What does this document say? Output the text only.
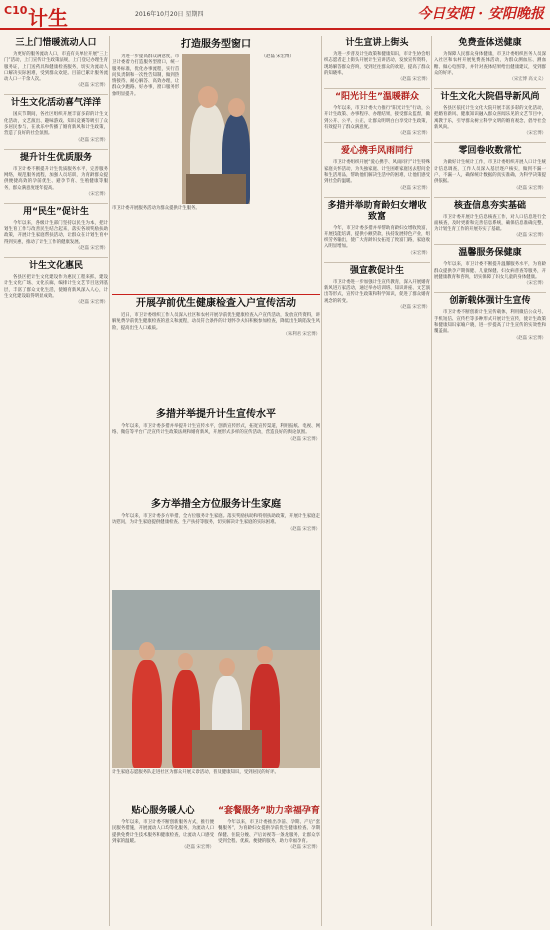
C10 计生	2016年10月20日 星期四	今日安阳 · 安阳晚报
三上门惜暖流动人口

为更好的服务流动人口，市直有关单位开展“三上门”活动，上门宣传计生政策法规，上门登记办理生育服务证，上门送药具和健康检查服务，切实为流动人口解决实际困难，受到群众欢迎。目前已累计服务流动人口一千余人次。

（赵磊 宋宏博）
计生文化活动喜气洋洋

国庆节期间，各社区组织开展丰富多彩的计生文化活动，文艺演出、趣味游戏、知识竞赛等吸引了众多居民参与，在欢乐中传播了婚育新风和计生政策，营造了良好的社会氛围。

（赵磊 宋宏博）
提升计生优质服务

市卫计委不断提升计生优质服务水平，完善服务网络，规范服务流程，加强人员培训，为育龄群众提供便捷高效的孕前优生、避孕节育、生殖健康等服务，群众满意度逐年提高。

（宋宏博）
用“民生”促计生

今年以来，各级计生部门坚持以民生为本，把计划生育工作与改善民生结合起来，落实各项奖励扶助政策，开展计生家庭帮扶活动，让群众在计划生育中得到实惠，推动了计生工作的健康发展。

（赵磊 宋宏博）
计生文化惠民

各县区把计生文化建设作为惠民工程来抓，建设计生文化广场、文化长廊，编排计生文艺节目送到基层，丰富了群众文化生活，使婚育新风深入人心，计生文化建设取得明显成效。

（赵磊 宋宏博）
打造服务型窗口

为进一步提高群众满意度，市卫计委着力打造服务型窗口，统一服务标准，优化办事流程，实行首问负责制和一次性告知制，做到热情接待、耐心解答、高效办理，让群众少跑路、好办事，窗口服务形象明显提升。

（赵磊 宋宏博）

市卫计委开展服务活动为群众提供计生服务。
开展孕前优生健康检查入户宣传活动

近日，市卫计委组织工作人员深入社区和农村开展孕前优生健康检查入户宣传活动，发放宣传资料，讲解免费孕前优生健康检查的意义和流程，动员符合条件的计划怀孕夫妇积极参加检查，降低出生缺陷发生风险，提高出生人口素质。

（朱利君 宋宏博）
多措并举提升计生宣传水平

今年以来，市卫计委多措并举提升计生宣传水平，创新宣传形式，拓宽宣传渠道，利用报纸、电视、网络、微信等平台广泛宣传计生政策法规和婚育新风，开展形式多样的宣传活动，营造良好的舆论氛围。

（赵磊 宋宏博）
多方举措全方位服务计生家庭

今年以来，市卫计委多方举措，全方位服务计生家庭。落实奖励扶助和特别扶助政策，开展计生家庭走访慰问，为计生家庭提供健康检查、生产扶持等服务，切实解决计生家庭的实际困难。

（赵磊 宋宏博）
计生家庭志愿服务队走进社区为群众开展义诊活动，普及健康知识，受到居民的好评。
贴心服务暖人心

今年以来，市卫计委不断创新服务方式，推行便民服务措施，开展流动人口均等化服务，为流动人口提供免费计生技术服务和健康检查，让流动人口感受到家的温暖。

（赵磊 宋宏博）
“套餐服务”助力幸福孕育

今年以来，市卫计委推出孕前、孕期、产后“套餐服务”，为育龄妇女提供孕前优生健康检查、孕期保健、住院分娩、产后访视等一条龙服务，让群众享受到全程、优质、便捷的服务，助力幸福孕育。

（赵磊 宋宏博）
计生宣讲上街头

为进一步普及计生政策和健康知识，市计生协会组织志愿者走上街头开展计生宣讲活动，发放宣传资料，现场解答群众咨询，受到过往群众的欢迎，提高了群众的知晓率。

（赵磊 宋宏博）
“阳光计生”温暖群众

今年以来，市卫计委大力推行“阳光计生”行动，公开计生政策、办事程序、办理结果，接受群众监督，做到公开、公平、公正，让群众明明白白享受计生政策，有效提升了群众满意度。

（赵磊 宋宏博）
爱心携手风雨同行

市卫计委组织开展“爱心携手、风雨同行”计生特殊家庭关怀活动，为失独家庭、计生困难家庭送去慰问金和生活用品，帮助他们解决生活中的困难，让他们感受到社会的温暖。

（赵磊 宋宏博）
多措并举助育龄妇女增收致富

今年，市卫计委多措并举帮助育龄妇女增收致富，开展技能培训，提供小额贷款，扶持发展特色产业，组织劳务输出，使广大育龄妇女拓宽了致富门路，家庭收入明显增加。

（宋宏博）
强宣教促计生

市卫计委进一步加强计生宣传教育，深入开展婚育新风进万家活动，通过举办培训班、知识讲座、文艺演出等形式，宣传计生政策和科学知识，促进了群众婚育观念的转变。

（赵磊 宋宏博）
免费查体送健康

为保障人民群众身体健康，市卫计委组织医务人员深入社区和农村开展免费查体活动，为群众测血压、测血糖、做心电图等，并针对查体结果给出健康建议，受到群众的好评。

（宋宏博 高文义）
计生文化大院倡导新风尚

各县区依托计生文化大院开展丰富多彩的文化活动，把婚育新风、健康知识融入群众喜闻乐见的文艺节目中，寓教于乐，引导群众树立科学文明的婚育观念，倡导社会新风尚。

（宋宏博）
零回卷收数常忙

为做好计生统计工作，市卫计委组织开展人口计生统计信息调查，工作人员深入基层逐户核实，做到不漏一户、不漏一人，确保统计数据的真实准确，为科学决策提供依据。

（赵磊 宋宏博）
核查信息夯实基础

市卫计委开展计生信息核查工作，对人口信息进行全面核查，及时更新和完善信息系统，确保信息准确完整，为计划生育工作的开展夯实了基础。

（赵磊 宋宏博）
温馨服务保健康

今年以来，市卫计委不断提升温馨服务水平，为育龄群众提供孕产期保健、儿童保健、妇女病普查等服务，开展健康教育和咨询，切实保障了妇女儿童的身体健康。

（宋宏博）
创新载体强计生宣传

市卫计委不断创新计生宣传载体，利用微信公众号、手机短信、宣传栏等多种形式开展计生宣传，使计生政策和健康知识家喻户晓，进一步提高了计生宣传的实效性和覆盖面。

（赵磊 宋宏博）
